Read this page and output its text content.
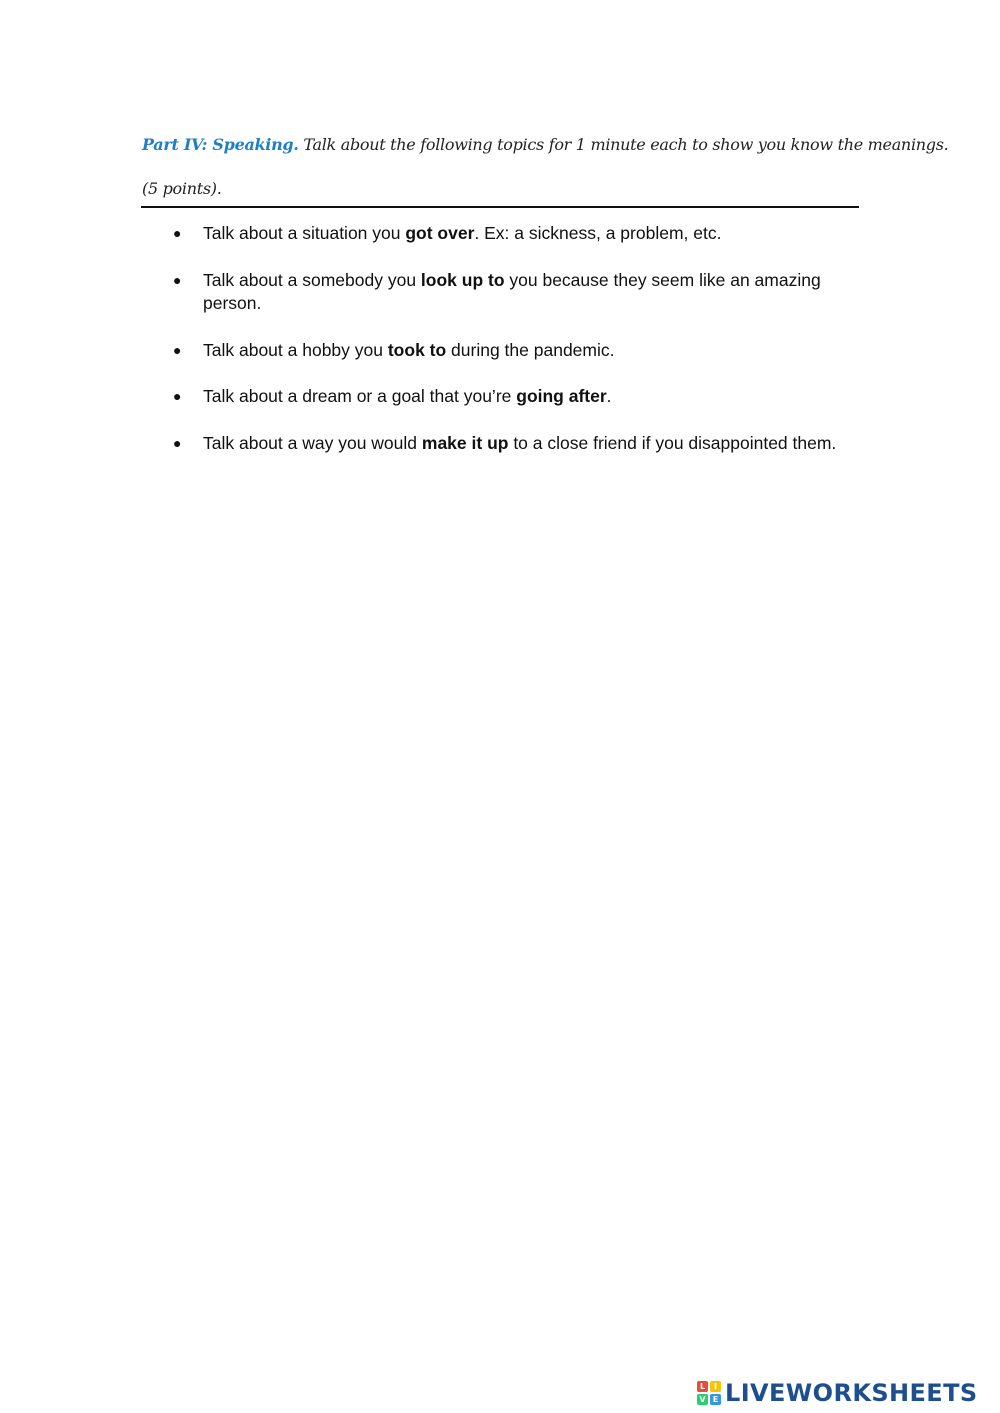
Part IV: Speaking. Talk about the following topics for 1 minute each to show you know the meanings.
(5 points).
● Talk about a situation you got over. Ex: a sickness, a problem, etc.
● Talk about a somebody you look up to you because they seem like an amazing person.
● Talk about a hobby you took to during the pandemic.
● Talk about a dream or a goal that you’re going after.
● Talk about a way you would make it up to a close friend if you disappointed them.
L	I
V E LIVEWORKSHEETS
